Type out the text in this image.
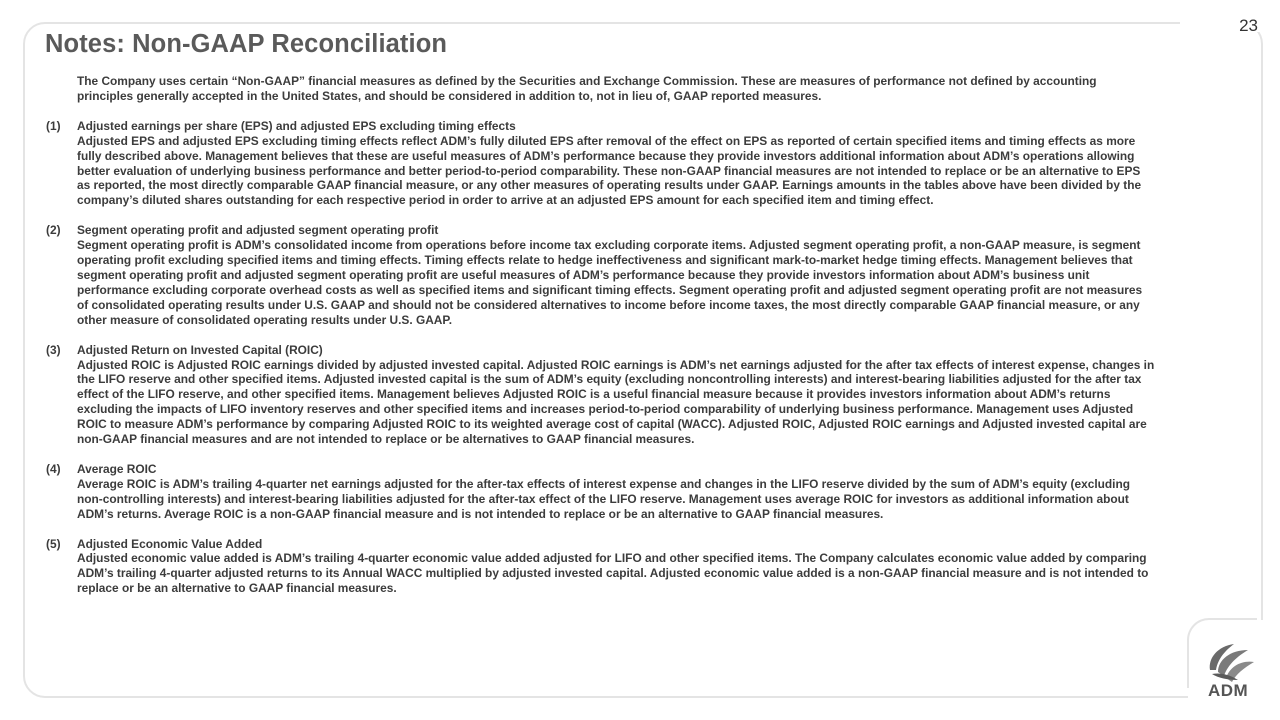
23
Notes: Non-GAAP Reconciliation

The Company uses certain “Non-GAAP” financial measures as defined by the Securities and Exchange Commission. These are measures of performance not defined by accounting principles generally accepted in the United States, and should be considered in addition to, not in lieu of, GAAP reported measures.

(1)	Adjusted earnings per share (EPS) and adjusted EPS excluding timing effects
Adjusted EPS and adjusted EPS excluding timing effects reflect ADM’s fully diluted EPS after removal of the effect on EPS as reported of certain specified items and timing effects as more fully described above. Management believes that these are useful measures of ADM’s performance because they provide investors additional information about ADM’s operations allowing better evaluation of underlying business performance and better period-to-period comparability. These non-GAAP financial measures are not intended to replace or be an alternative to EPS as reported, the most directly comparable GAAP financial measure, or any other measures of operating results under GAAP. Earnings amounts in the tables above have been divided by the company’s diluted shares outstanding for each respective period in order to arrive at an adjusted EPS amount for each specified item and timing effect.
(2)	Segment operating profit and adjusted segment operating profit
Segment operating profit is ADM’s consolidated income from operations before income tax excluding corporate items. Adjusted segment operating profit, a non-GAAP measure, is segment operating profit excluding specified items and timing effects. Timing effects relate to hedge ineffectiveness and significant mark-to-market hedge timing effects. Management believes that segment operating profit and adjusted segment operating profit are useful measures of ADM’s performance because they provide investors information about ADM’s business unit performance excluding corporate overhead costs as well as specified items and significant timing effects. Segment operating profit and adjusted segment operating profit are not measures of consolidated operating results under U.S. GAAP and should not be considered alternatives to income before income taxes, the most directly comparable GAAP financial measure, or any other measure of consolidated operating results under U.S. GAAP.
(3)	Adjusted Return on Invested Capital (ROIC)
Adjusted ROIC is Adjusted ROIC earnings divided by adjusted invested capital. Adjusted ROIC earnings is ADM’s net earnings adjusted for the after tax effects of interest expense, changes in the LIFO reserve and other specified items. Adjusted invested capital is the sum of ADM’s equity (excluding noncontrolling interests) and interest-bearing liabilities adjusted for the after tax effect of the LIFO reserve, and other specified items. Management believes Adjusted ROIC is a useful financial measure because it provides investors information about ADM’s returns excluding the impacts of LIFO inventory reserves and other specified items and increases period-to-period comparability of underlying business performance. Management uses Adjusted ROIC to measure ADM’s performance by comparing Adjusted ROIC to its weighted average cost of capital (WACC). Adjusted ROIC, Adjusted ROIC earnings and Adjusted invested capital are non-GAAP financial measures and are not intended to replace or be alternatives to GAAP financial measures.
(4)	Average ROIC
Average ROIC is ADM’s trailing 4-quarter net earnings adjusted for the after-tax effects of interest expense and changes in the LIFO reserve divided by the sum of ADM’s equity (excluding non-controlling interests) and interest-bearing liabilities adjusted for the after-tax effect of the LIFO reserve. Management uses average ROIC for investors as additional information about ADM’s returns. Average ROIC is a non-GAAP financial measure and is not intended to replace or be an alternative to GAAP financial measures.
(5)	Adjusted Economic Value Added
Adjusted economic value added is ADM’s trailing 4-quarter economic value added adjusted for LIFO and other specified items. The Company calculates economic value added by comparing ADM’s trailing 4-quarter adjusted returns to its Annual WACC multiplied by adjusted invested capital. Adjusted economic value added is a non-GAAP financial measure and is not intended to replace or be an alternative to GAAP financial measures.
ADM
